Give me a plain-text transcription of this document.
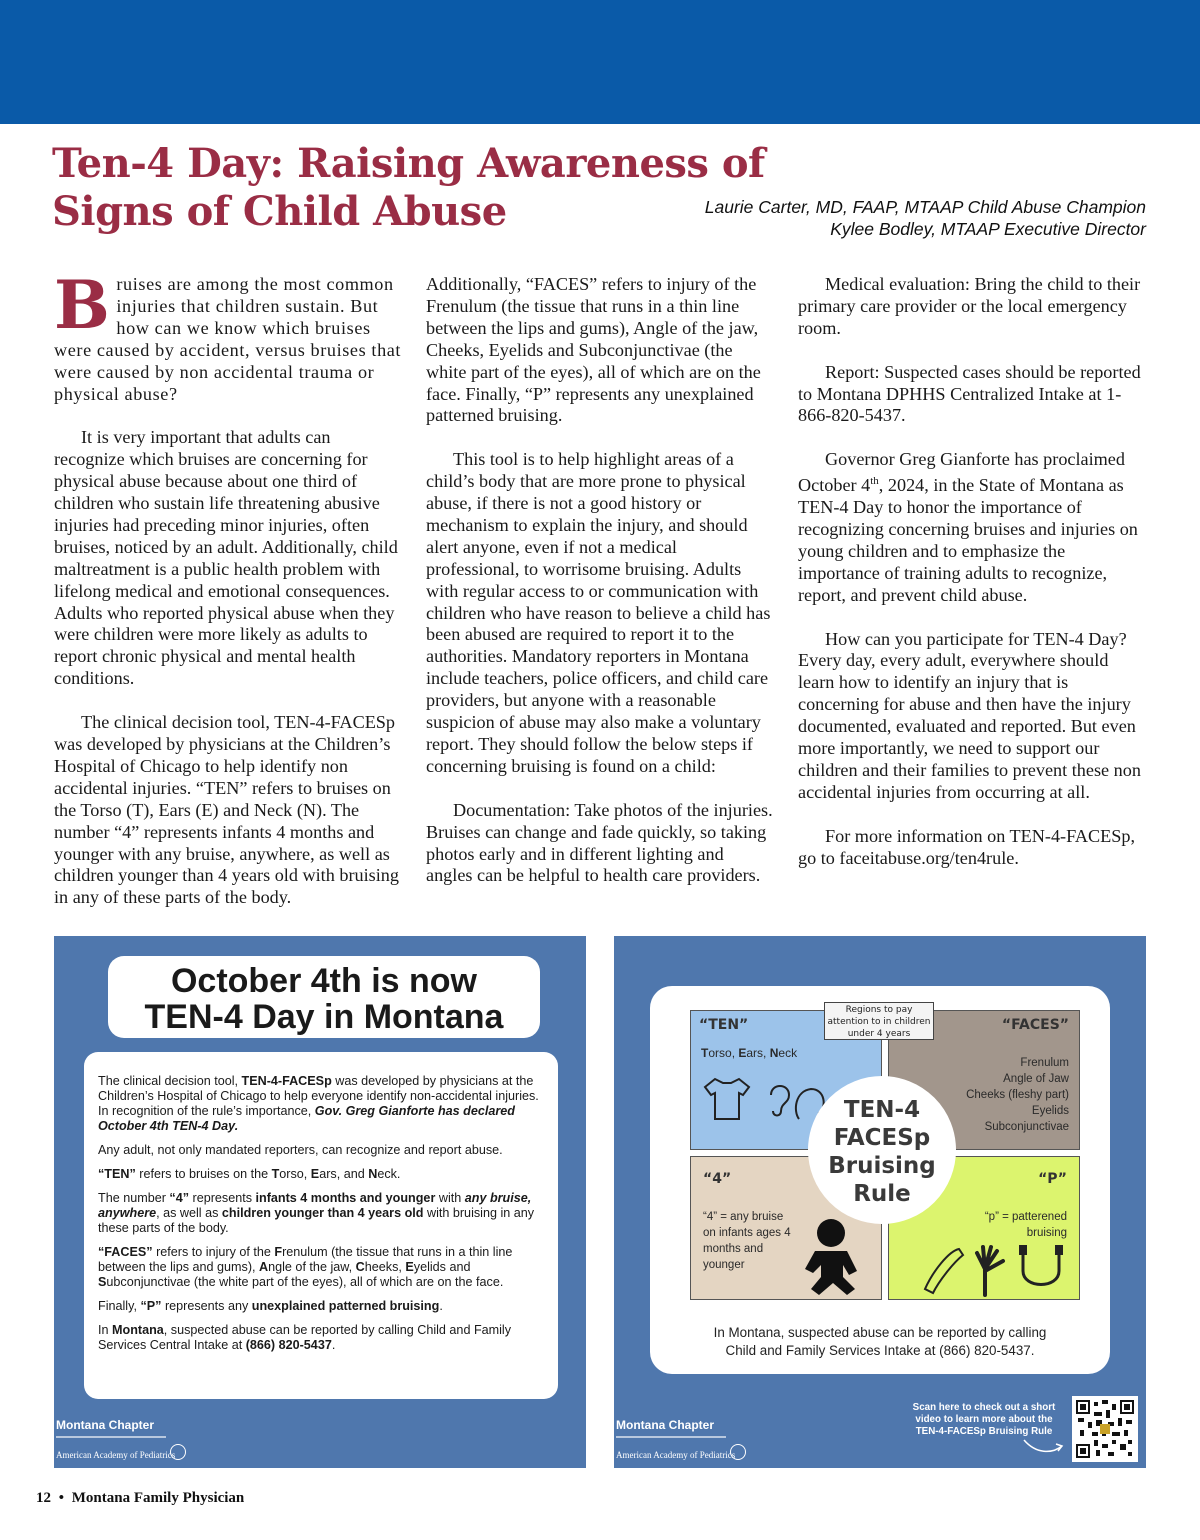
Ten-4 Day: Raising Awareness of
Signs of Child Abuse	Laurie Carter, MD, FAAP, MTAAP Child Abuse Champion
Kylee Bodley, MTAAP Executive Director

Bruises are among the most common injuries that children sustain. But how can we know which bruises were caused by accident, versus bruises that were caused by non accidental trauma or physical abuse?

It is very important that adults can recognize which bruises are concerning for physical abuse because about one third of children who sustain life threatening abusive injuries had preceding minor injuries, often bruises, noticed by an adult. Additionally, child maltreatment is a public health problem with lifelong medical and emotional consequences. Adults who reported physical abuse when they were children were more likely as adults to report chronic physical and mental health conditions.

The clinical decision tool, TEN-4-FACESp was developed by physicians at the Children’s Hospital of Chicago to help identify non accidental injuries. “TEN” refers to bruises on the Torso (T), Ears (E) and Neck (N). The number “4” represents infants 4 months and younger with any bruise, anywhere, as well as children younger than 4 years old with bruising in any of these parts of the body.

Additionally, “FACES” refers to injury of the Frenulum (the tissue that runs in a thin line between the lips and gums), Angle of the jaw, Cheeks, Eyelids and Subconjunctivae (the white part of the eyes), all of which are on the face. Finally, “P” represents any unexplained patterned bruising.

This tool is to help highlight areas of a child’s body that are more prone to physical abuse, if there is not a good history or mechanism to explain the injury, and should alert anyone, even if not a medical professional, to worrisome bruising. Adults with regular access to or communication with children who have reason to believe a child has been abused are required to report it to the authorities. Mandatory reporters in Montana include teachers, police officers, and child care providers, but anyone with a reasonable suspicion of abuse may also make a voluntary report. They should follow the below steps if concerning bruising is found on a child:

Documentation: Take photos of the injuries. Bruises can change and fade quickly, so taking photos early and in different lighting and angles can be helpful to health care providers.

Medical evaluation: Bring the child to their primary care provider or the local emergency room.

Report: Suspected cases should be reported to Montana DPHHS Centralized Intake at 1-866-820-5437.

Governor Greg Gianforte has proclaimed October 4th, 2024, in the State of Montana as TEN-4 Day to honor the importance of recognizing concerning bruises and injuries on young children and to emphasize the importance of training adults to recognize, report, and prevent child abuse.

How can you participate for TEN-4 Day? Every day, every adult, everywhere should learn how to identify an injury that is concerning for abuse and then have the injury documented, evaluated and reported. But even more importantly, we need to support our children and their families to prevent these non accidental injuries from occurring at all.

For more information on TEN-4-FACESp, go to faceitabuse.org/ten4rule.

October 4th is now
TEN-4 Day in Montana

The clinical decision tool, TEN-4-FACESp was developed by physicians at the Children’s Hospital of Chicago to help everyone identify non-accidental injuries. In recognition of the rule’s importance, Gov. Greg Gianforte has declared October 4th TEN-4 Day.

Any adult, not only mandated reporters, can recognize and report abuse.

“TEN” refers to bruises on the Torso, Ears, and Neck.

The number “4” represents infants 4 months and younger with any bruise, anywhere, as well as children younger than 4 years old with bruising in any these parts of the body.

“FACES” refers to injury of the Frenulum (the tissue that runs in a thin line between the lips and gums), Angle of the jaw, Cheeks, Eyelids and Subconjunctivae (the white part of the eyes), all of which are on the face.

Finally, “P” represents any unexplained patterned bruising.

In Montana, suspected abuse can be reported by calling Child and Family Services Central Intake at (866) 820-5437.

Montana Chapter
American Academy of Pediatrics
“TEN”
Torso, Ears, Neck
“FACES”
Frenulum
Angle of Jaw
Cheeks (fleshy part)
Eyelids
Subconjunctivae
“4”
“4” = any bruise on infants ages 4 months and younger
“P”
“p” = patterened bruising
Regions to pay attention to in children under 4 years
TEN-4
FACESp
Bruising
Rule
In Montana, suspected abuse can be reported by calling
Child and Family Services Intake at (866) 820-5437.
Montana Chapter
American Academy of Pediatrics
Scan here to check out a short video to learn more about the TEN-4-FACESp Bruising Rule
12 • Montana Family Physician
